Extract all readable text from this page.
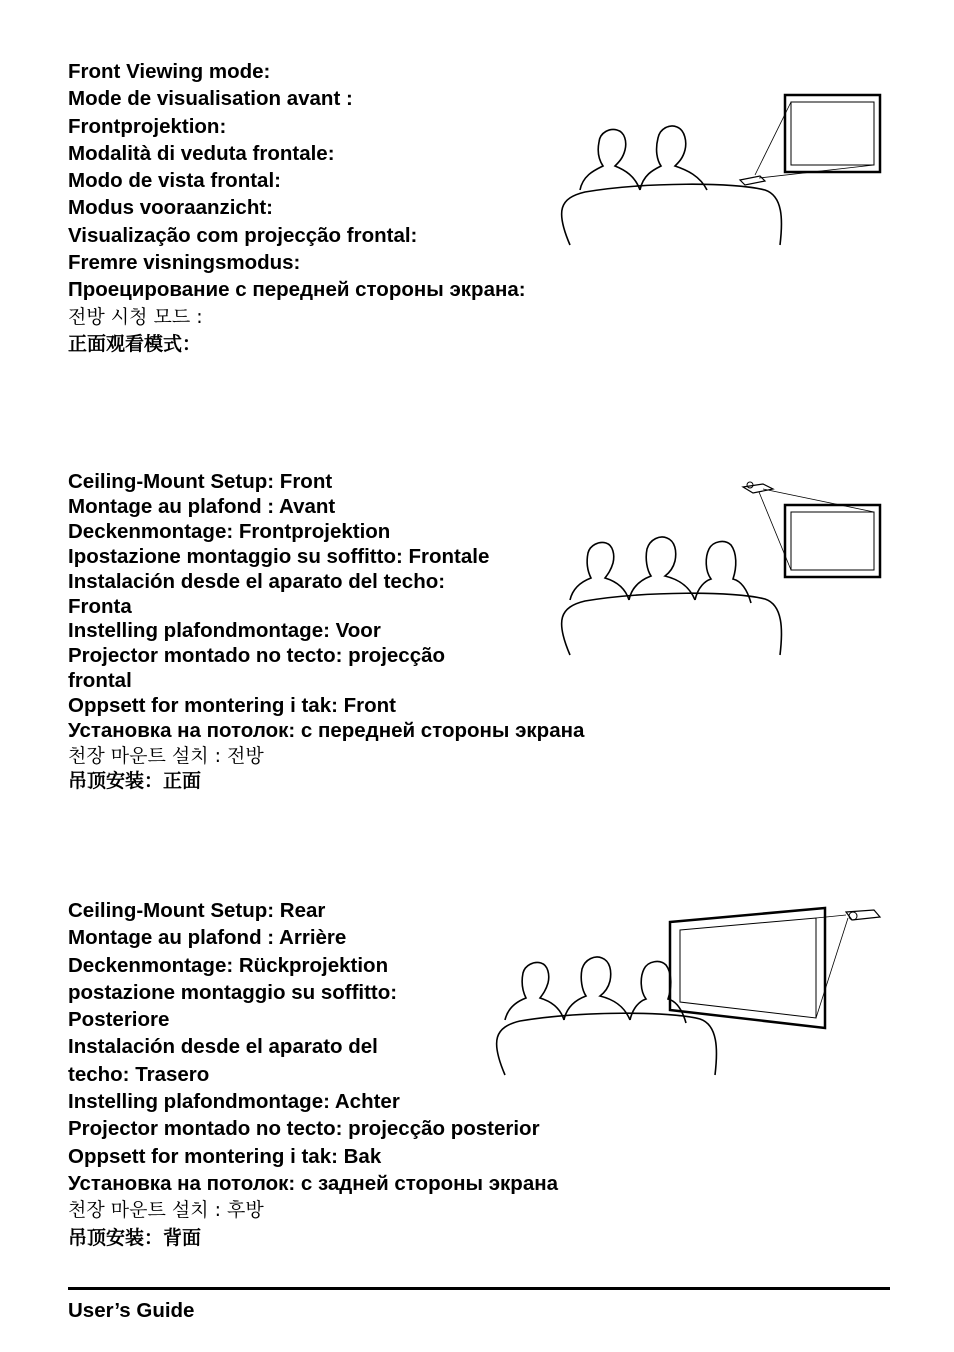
Front Viewing mode:
Mode de visualisation avant :
Frontprojektion:
Modalità di veduta frontale:
Modo de vista frontal:
Modus vooraanzicht:
Visualização com projecção frontal:
Fremre visningsmodus:
Проецирование с передней стороны экрана:
전방 시청 모드 :
正面观看模式：
Ceiling-Mount Setup: Front
Montage au plafond : Avant
Deckenmontage: Frontprojektion
Ipostazione montaggio su soffitto: Frontale
Instalación desde el aparato del techo:
Fronta
Instelling plafondmontage: Voor
Projector montado no tecto: projecção
frontal
Oppsett for montering i tak: Front
Установка на потолок: с передней стороны экрана
천장 마운트 설치 : 전방
吊顶安装：正面
Ceiling-Mount Setup: Rear
Montage au plafond : Arrière
Deckenmontage: Rückprojektion
postazione montaggio su soffitto:
Posteriore
Instalación desde el aparato del
techo: Trasero
Instelling plafondmontage: Achter
Projector montado no tecto: projecção posterior
Oppsett for montering i tak: Bak
Установка на потолок: с задней стороны экрана
천장 마운트 설치 : 후방
吊顶安装：背面
User’s Guide
